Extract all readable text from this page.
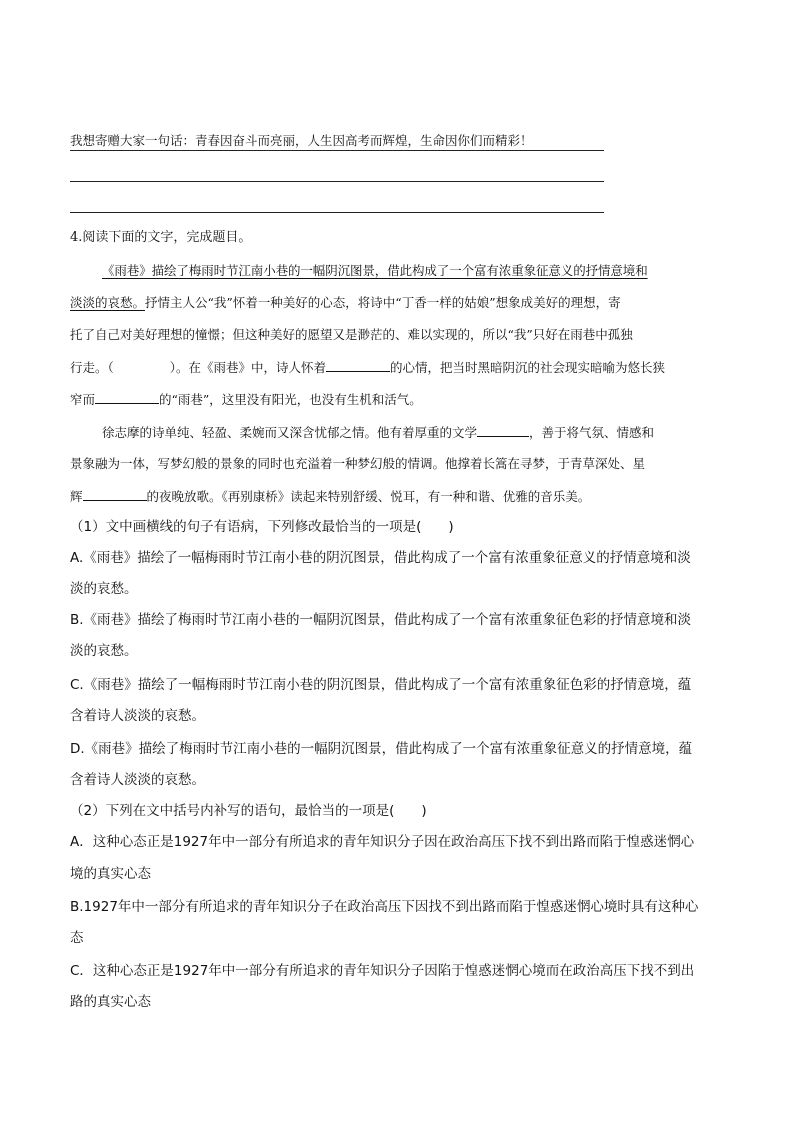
我想寄赠大家一句话：青春因奋斗而亮丽，人生因高考而辉煌，生命因你们而精彩！
4.阅读下面的文字，完成题目。
《雨巷》描绘了梅雨时节江南小巷的一幅阴沉图景，借此构成了一个富有浓重象征意义的抒情意境和
淡淡的哀愁。抒情主人公“我”怀着一种美好的心态，将诗中“丁香一样的姑娘”想象成美好的理想，寄
托了自己对美好理想的憧憬；但这种美好的愿望又是渺茫的、难以实现的，所以“我”只好在雨巷中孤独
行走。（	）。在《雨巷》中，诗人怀着	的心情，把当时黑暗阴沉的社会现实暗喻为悠长狭
窄而	的“雨巷”，这里没有阳光，也没有生机和活气。
徐志摩的诗单纯、轻盈、柔婉而又深含忧郁之情。他有着厚重的文学	，善于将气氛、情感和
景象融为一体，写梦幻般的景象的同时也充溢着一种梦幻般的情调。他撑着长篙在寻梦，于青草深处、星
辉	的夜晚放歌。《再别康桥》读起来特别舒缓、悦耳，有一种和谐、优雅的音乐美。
（1）文中画横线的句子有语病，下列修改最恰当的一项是(　　)
A.《雨巷》描绘了一幅梅雨时节江南小巷的阴沉图景，借此构成了一个富有浓重象征意义的抒情意境和淡
淡的哀愁。
B.《雨巷》描绘了梅雨时节江南小巷的一幅阴沉图景，借此构成了一个富有浓重象征色彩的抒情意境和淡
淡的哀愁。
C.《雨巷》描绘了一幅梅雨时节江南小巷的阴沉图景，借此构成了一个富有浓重象征色彩的抒情意境，蕴
含着诗人淡淡的哀愁。
D.《雨巷》描绘了梅雨时节江南小巷的一幅阴沉图景，借此构成了一个富有浓重象征意义的抒情意境，蕴
含着诗人淡淡的哀愁。
（2）下列在文中括号内补写的语句，最恰当的一项是(　　)
A．这种心态正是1927年中一部分有所追求的青年知识分子因在政治高压下找不到出路而陷于惶惑迷惘心
境的真实心态
B.1927年中一部分有所追求的青年知识分子在政治高压下因找不到出路而陷于惶惑迷惘心境时具有这种心
态
C．这种心态正是1927年中一部分有所追求的青年知识分子因陷于惶惑迷惘心境而在政治高压下找不到出
路的真实心态
